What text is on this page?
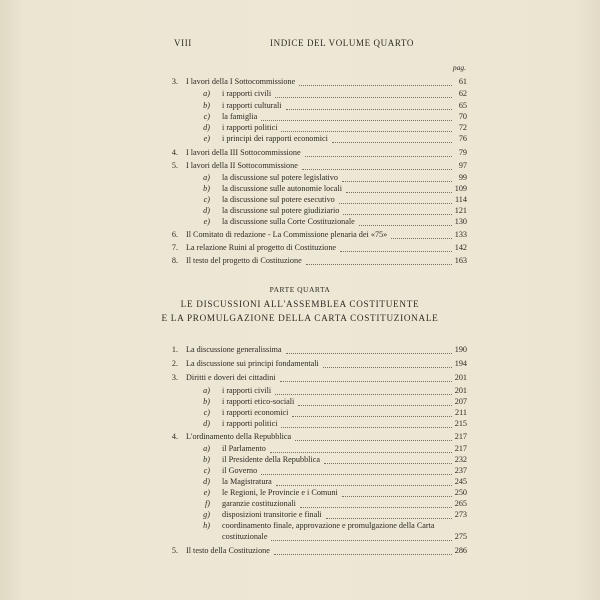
VIII	INDICE DEL VOLUME QUARTO
pag.
3. I lavori della I Sottocommissione	61
a) i rapporti civili	62
b) i rapporti culturali	65
c) la famiglia	70
d) i rapporti politici	72
e) i principi dei rapporti economici	76
4. I lavori della III Sottocommissione	79
5. I lavori della II Sottocommissione	97
a) la discussione sul potere legislativo	99
b) la discussione sulle autonomie locali	109
c) la discussione sul potere esecutivo	114
d) la discussione sul potere giudiziario	121
e) la discussione sulla Corte Costituzionale	130
6. Il Comitato di redazione - La Commissione plenaria dei «75»	133
7. La relazione Ruini al progetto di Costituzione	142
8. Il testo del progetto di Costituzione	163
PARTE QUARTA
LE DISCUSSIONI ALL'ASSEMBLEA COSTITUENTE
E LA PROMULGAZIONE DELLA CARTA COSTITUZIONALE
1. La discussione generalissima	190
2. La discussione sui principi fondamentali	194
3. Diritti e doveri dei cittadini	201
a) i rapporti civili	201
b) i rapporti etico-sociali	207
c) i rapporti economici	211
d) i rapporti politici	215
4. L'ordinamento della Repubblica	217
a) il Parlamento	217
b) il Presidente della Repubblica	232
c) il Governo	237
d) la Magistratura	245
e) le Regioni, le Provincie e i Comuni	250
f) garanzie costituzionali	265
g) disposizioni transitorie e finali	273
h) coordinamento finale, approvazione e promulgazione della Carta
costituzionale	275
5. Il testo della Costituzione	286
